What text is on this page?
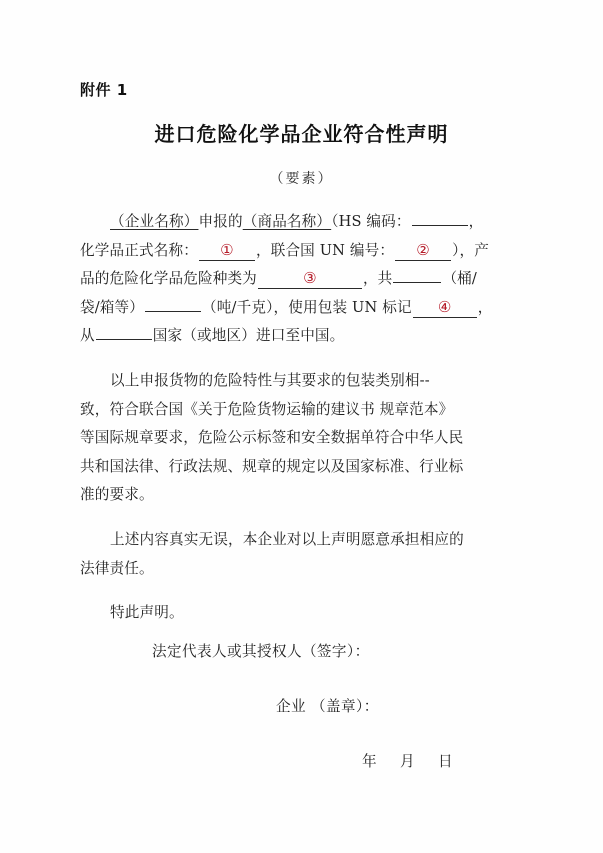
附件 1
进口危险化学品企业符合性声明
（要素）
（企业名称）申报的（商品名称）（HS 编码：	，
化学品正式名称： ① ，联合国 UN 编号： ② ），产
品的危险化学品危险种类为	③	，共	（桶/
袋/箱等）	（吨/千克），使用包装 UN 标记 ④ ，
从	国家（或地区）进口至中国。
以上申报货物的危险特性与其要求的包装类别相--
致，符合联合国《关于危险货物运输的建议书 规章范本》
等国际规章要求，危险公示标签和安全数据单符合中华人民
共和国法律、行政法规、规章的规定以及国家标准、行业标
准的要求。
上述内容真实无误，本企业对以上声明愿意承担相应的
法律责任。
特此声明。
法定代表人或其授权人（签字）：
企业 （盖章）：
年 月 日
